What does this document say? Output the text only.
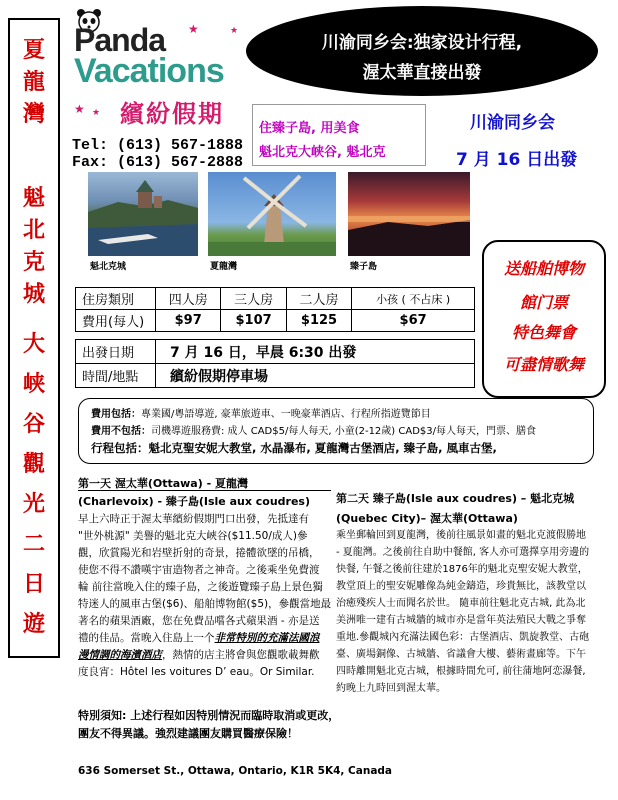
夏
龍
灣
魁
北
克
城
大
峡
谷
觀
光
二
日
遊
Panda ★	★
Vacations
★ ★ 繽紛假期
川渝同乡会:独家设计行程,
渥太華直接出發
Tel: (613) 567-1888
Fax: (613) 567-2888
住臻子島, 用美食
魁北克大峡谷, 魁北克
川渝同乡会
7 月 16 日出發
魁北克城	夏龍灣	臻子島	送船舶博物
館门票
特色舞會
可盡情歌舞
住房類別	四人房	三人房	二人房	小孩 ( 不占床 )
費用(每人)	$97	$107	$125	$67
出發日期	7 月 16 日，早晨 6:30 出發
時間/地點	繽紛假期停車場
費用包括：專業國/粵語導遊, 豪華旅遊車、一晚豪華酒店、行程所指遊覽節目
費用不包括：司機導遊服務費: 成人 CAD$5/每人每天, 小童(2-12歲) CAD$3/每人每天，門票、膳食
行程包括：魁北克聖安妮大教堂, 水晶瀑布, 夏龍灣古堡酒店, 臻子島, 風車古堡,
第一天 渥太華(Ottawa) - 夏龍灣
(Charlevoix) - 臻子島(Isle aux coudres)
早上六時正于渥太華繽紛假期門口出發，先抵達有
"世外桃源" 美譽的魁北克大峽谷($11.50/成人)參
觀，欣賞陽光和岩壁折射的奇景，捲體欲墜的吊橋，
使您不得不讚嘆宇宙造物者之神奇。之後乘坐免費渡
輪 前往當晚入住的臻子島，之後遊覽臻子島上景色獨
特迷人的風車古堡($6)、船舶博物館($5)，參觀當地最
著名的蘋果酒廠，您在免費品嚐各式蘋果酒 - 亦是送
禮的佳品。當晚入住島上一个非常特別的充滿法國浪
漫情調的海濱酒店，熱情的店主將會與您觀歌載舞歡
度良宵：Hôtel les voitures D’ eau。Or Similar.
第二天 臻子島(Isle aux coudres) – 魁北克城
(Quebec City)– 渥太華(Ottawa)
乘坐郵輪回到夏龍灣，後前往風景如畫的魁北克渡假勝地
- 夏龍灣。之後前往自助中餐館, 客人亦可選擇享用旁邊的
快餐, 午餐之後前往建於1876年的魁北克聖安妮大教堂，
教堂頂上的聖安妮雕像為純金鑄造，珍貴無比，該教堂以
治癒殘疾人士而聞名於世。 隨車前往魁北克古城, 此為北
美洲唯一建有古城牆的城市亦是當年英法殖民大戰之爭奪
重地.參觀城內充滿法國色彩：古堡酒店、凱旋教堂、古砲
臺、廣場銅像、古城牆、省議會大樓、藝術畫廊等。下午
四時離開魁北克古城，根據時間允可, 前往蒲地阿恋瀑餐,
約晚上九時回到渥太華。
特別須知: 上述行程如因特別情況而臨時取消或更改，
團友不得異議。強烈建議團友購買醫療保險！
636 Somerset St., Ottawa, Ontario, K1R 5K4, Canada
